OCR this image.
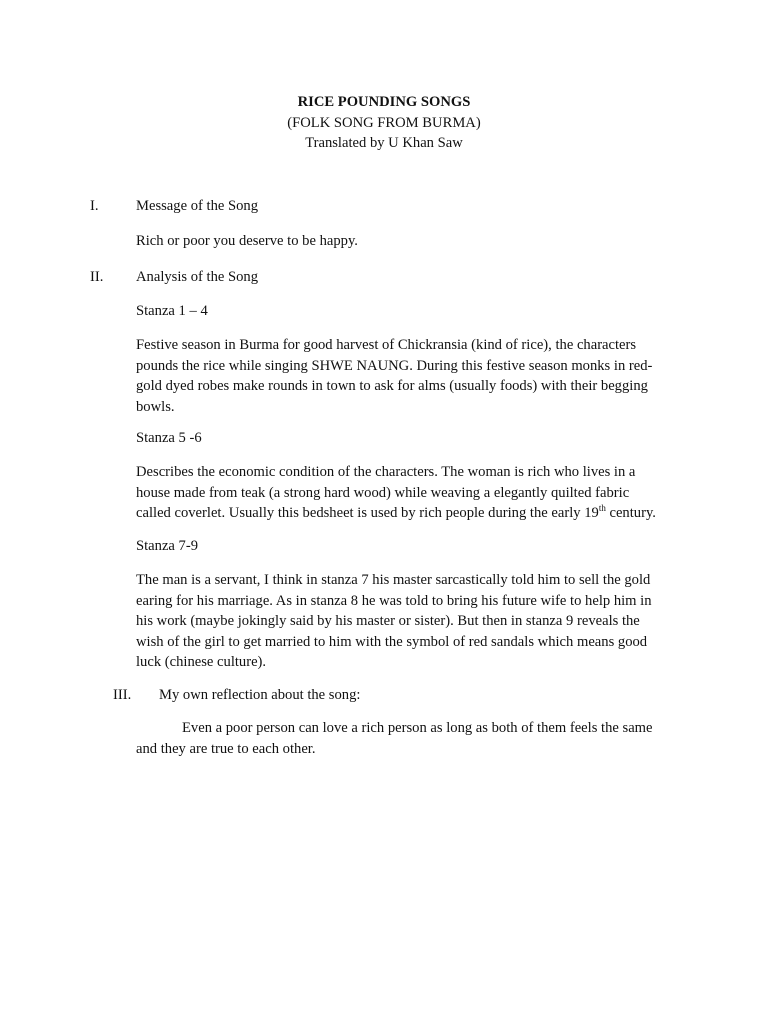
RICE POUNDING SONGS
(FOLK SONG FROM BURMA)
Translated by U Khan Saw
I.	Message of the Song
Rich or poor you deserve to be happy.
II. Analysis of the Song
Stanza 1 – 4
Festive season in Burma for good harvest of Chickransia (kind of rice), the characters
pounds the rice while singing SHWE NAUNG. During this festive season monks in red-
gold dyed robes make rounds in town to ask for alms (usually foods) with their begging
bowls.
Stanza 5 -6
Describes the economic condition of the characters. The woman is rich who lives in a
house made from teak (a strong hard wood) while weaving a elegantly quilted fabric
called coverlet. Usually this bedsheet is used by rich people during the early 19th century.
Stanza 7-9
The man is a servant, I think in stanza 7 his master sarcastically told him to sell the gold
earing for his marriage. As in stanza 8 he was told to bring his future wife to help him in
his work (maybe jokingly said by his master or sister). But then in stanza 9 reveals the
wish of the girl to get married to him with the symbol of red sandals which means good
luck (chinese culture).
III. My own reflection about the song:
Even a poor person can love a rich person as long as both of them feels the same
and they are true to each other.
